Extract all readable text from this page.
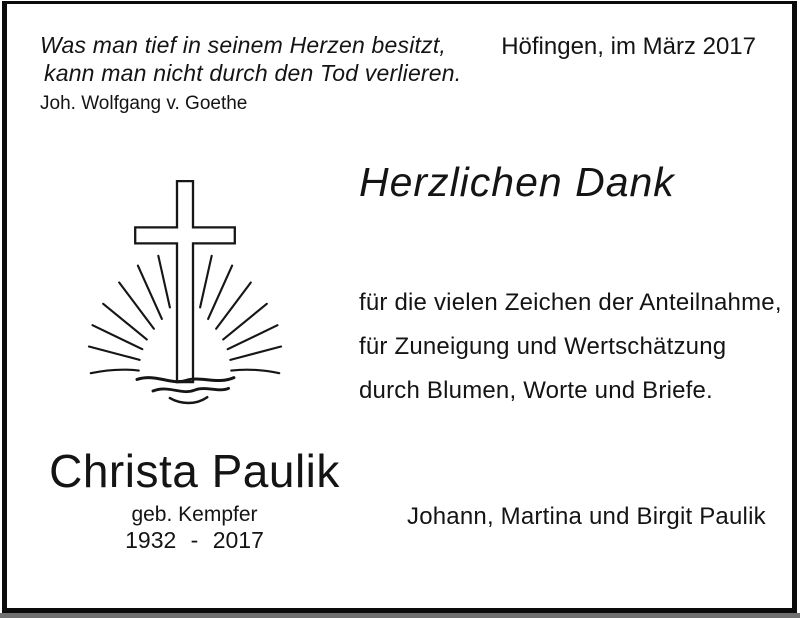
Was man tief in seinem Herzen besitzt,
kann man nicht durch den Tod verlieren.
Joh. Wolfgang v. Goethe
Höfingen, im März 2017
Herzlichen Dank
für die vielen Zeichen der Anteilnahme,
für Zuneigung und Wertschätzung
durch Blumen, Worte und Briefe.
Christa Paulik
geb. Kempfer
1932 - 2017
Johann, Martina und Birgit Paulik
